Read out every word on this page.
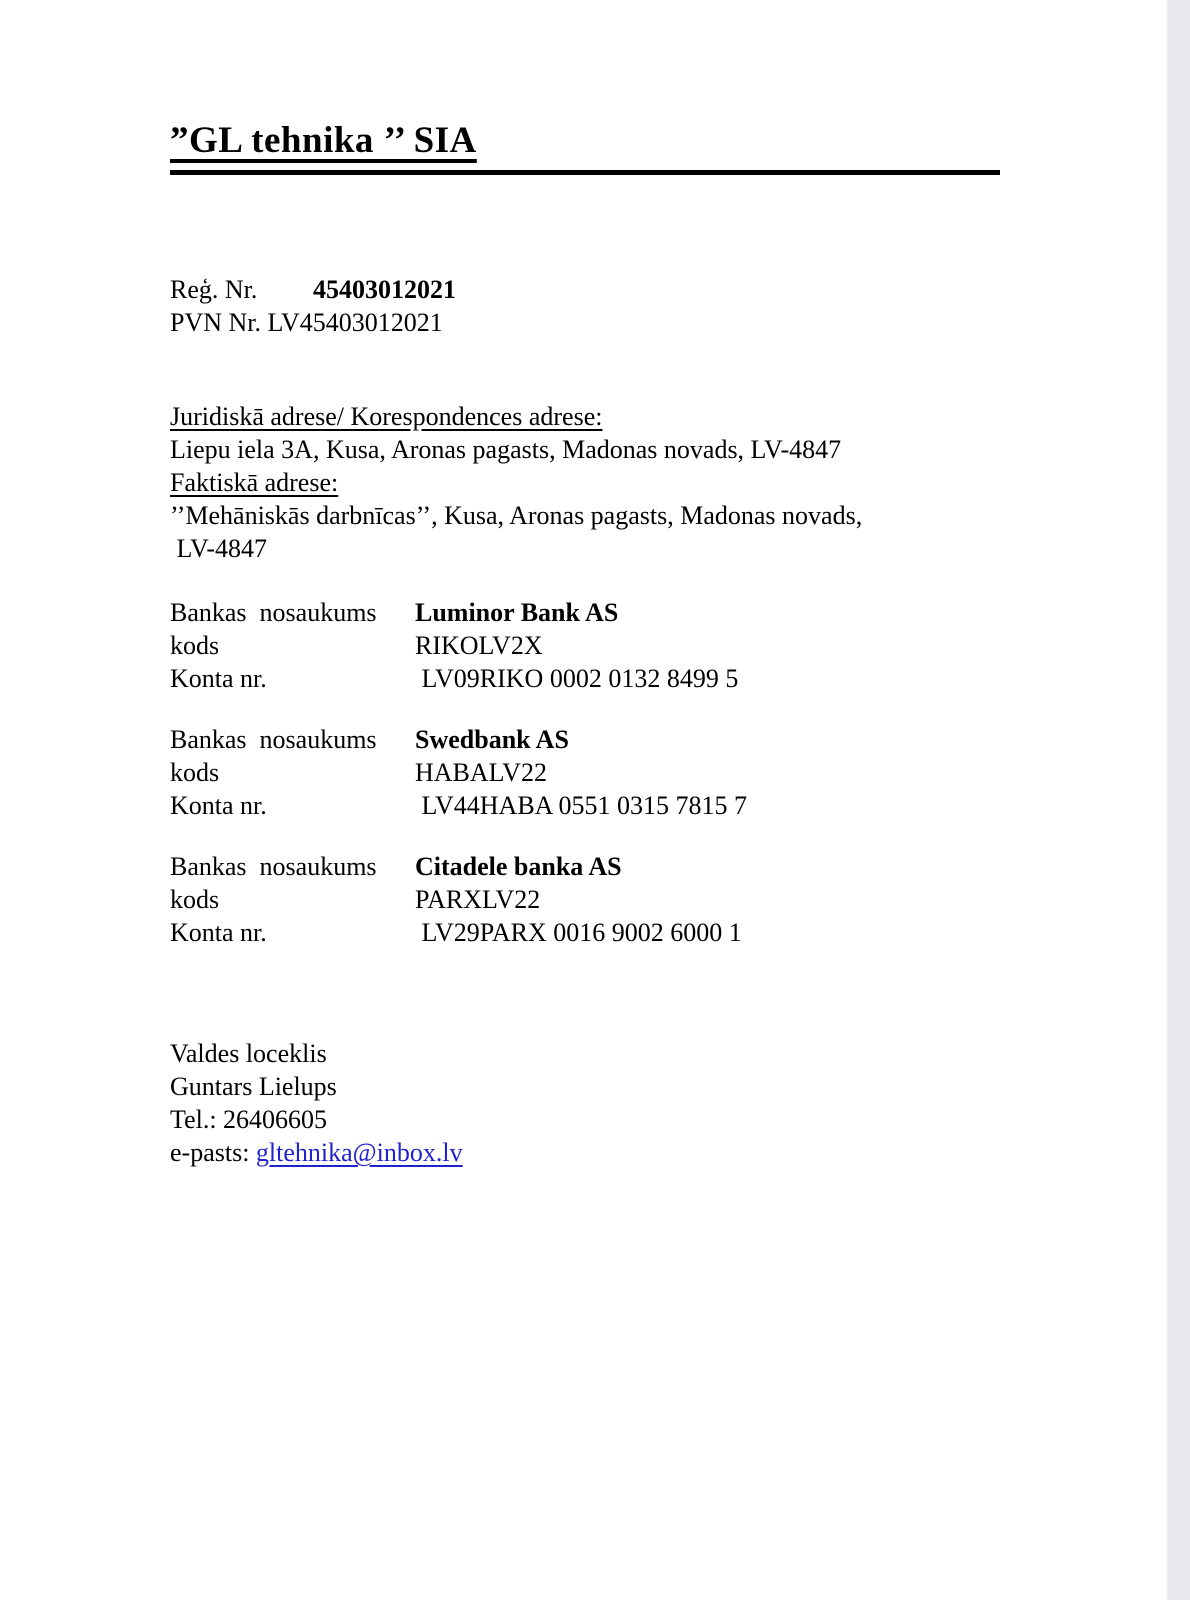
”GL tehnika ’’ SIA
Reģ. Nr.	45403012021
PVN Nr. LV45403012021
Juridiskā adrese/ Korespondences adrese:
Liepu iela 3A, Kusa, Aronas pagasts, Madonas novads, LV-4847
Faktiskā adrese:
’’Mehāniskās darbnīcas’’, Kusa, Aronas pagasts, Madonas novads,
LV-4847
Bankas  nosaukums	Luminor Bank AS
kods	RIKOLV2X
Konta nr.	LV09RIKO 0002 0132 8499 5
Bankas  nosaukums	Swedbank AS
kods	HABALV22
Konta nr.	LV44HABA 0551 0315 7815 7
Bankas  nosaukums	Citadele banka AS
kods	PARXLV22
Konta nr.	LV29PARX 0016 9002 6000 1
Valdes loceklis
Guntars Lielups
Tel.: 26406605
e-pasts: gltehnika@inbox.lv
